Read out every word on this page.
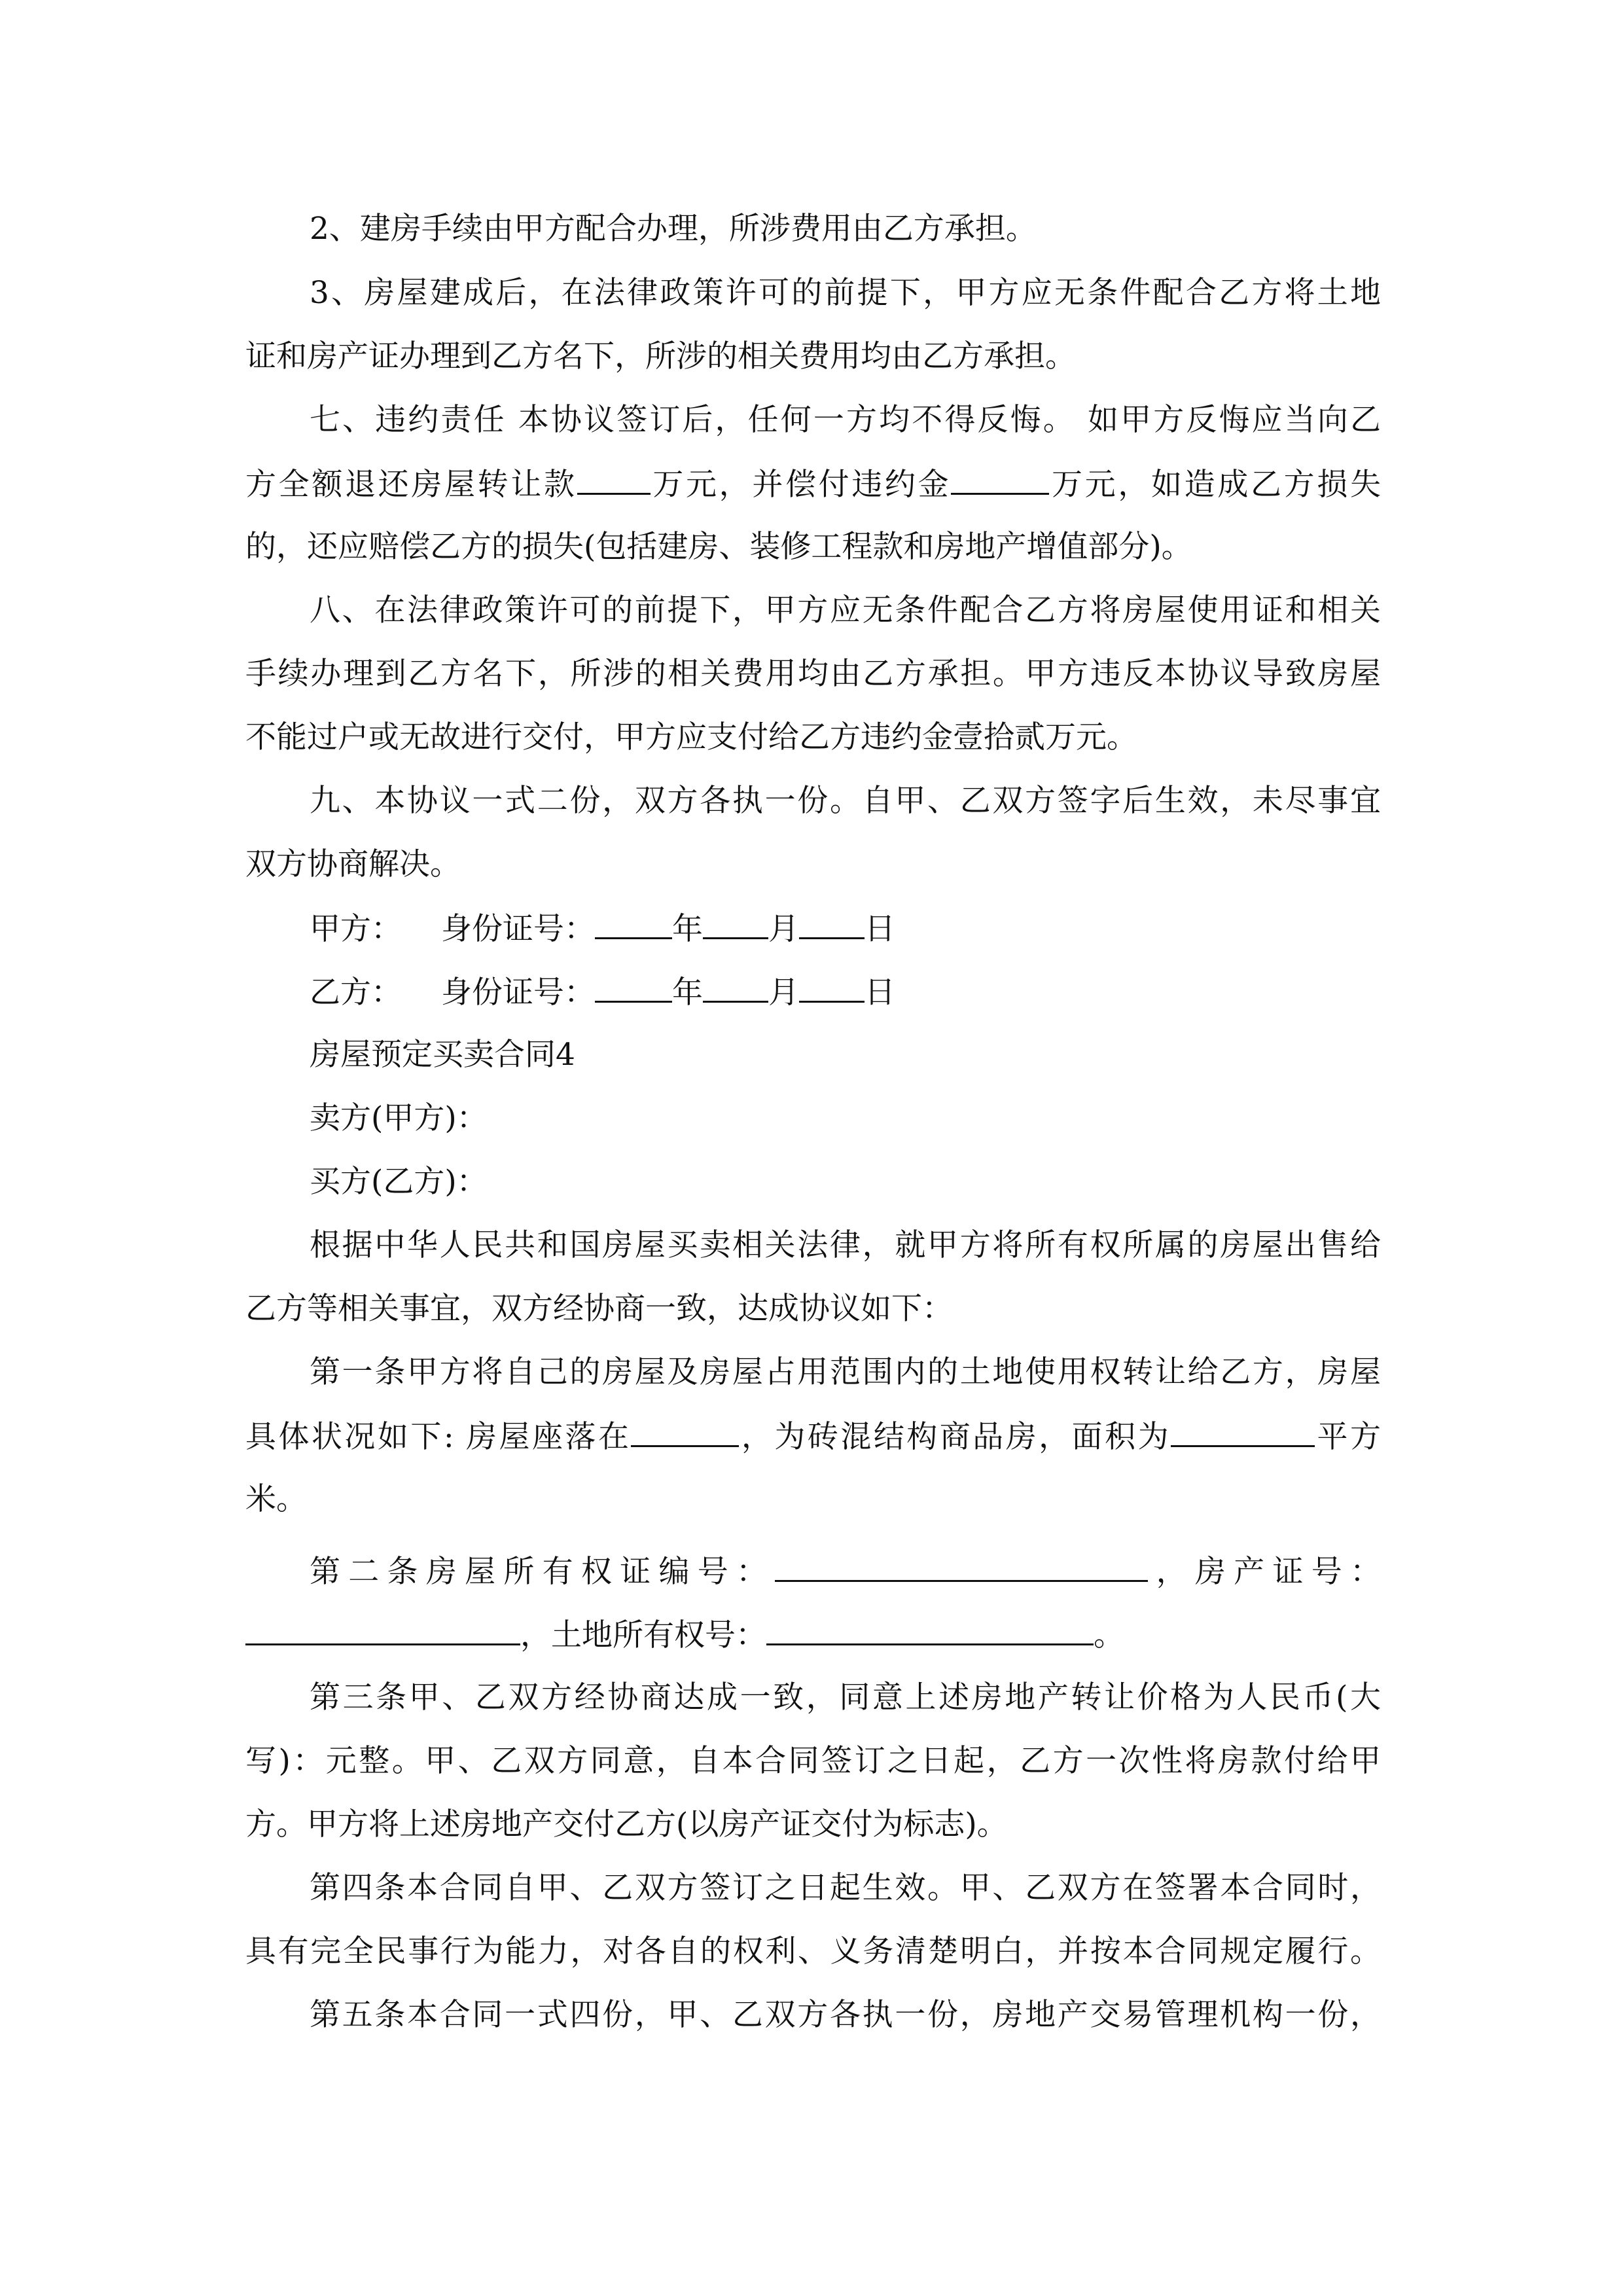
2、建房手续由甲方配合办理，所涉费用由乙方承担。
3、房屋建成后，在法律政策许可的前提下，甲方应无条件配合乙方将土地
证和房产证办理到乙方名下，所涉的相关费用均由乙方承担。
七、违约责任 本协议签订后，任何一方均不得反悔。 如甲方反悔应当向乙
方全额退还房屋转让款 万元，并偿付违约金	万元，如造成乙方损失
的，还应赔偿乙方的损失(包括建房、装修工程款和房地产增值部分)。
八、在法律政策许可的前提下，甲方应无条件配合乙方将房屋使用证和相关
手续办理到乙方名下，所涉的相关费用均由乙方承担。甲方违反本协议导致房屋
不能过户或无故进行交付，甲方应支付给乙方违约金壹拾贰万元。
九、本协议一式二份，双方各执一份。自甲、乙双方签字后生效，未尽事宜
双方协商解决。
甲方： 身份证号：	年 月 日
乙方： 身份证号：	年 月 日
房屋预定买卖合同4
卖方(甲方)：
买方(乙方)：
根据中华人民共和国房屋买卖相关法律，就甲方将所有权所属的房屋出售给
乙方等相关事宜，双方经协商一致，达成协议如下：
第一条甲方将自己的房屋及房屋占用范围内的土地使用权转让给乙方，房屋
具体状况如下: 房屋座落在	，为砖混结构商品房，面积为	平方
米。
第二条房屋所有权证编号：	，房产证号：
，土地所有权号：	。
第三条甲、乙双方经协商达成一致，同意上述房地产转让价格为人民币(大
写)：元整。甲、乙双方同意，自本合同签订之日起，乙方一次性将房款付给甲
方。甲方将上述房地产交付乙方(以房产证交付为标志)。
第四条本合同自甲、乙双方签订之日起生效。甲、乙双方在签署本合同时，
具有完全民事行为能力，对各自的权利、义务清楚明白，并按本合同规定履行。
第五条本合同一式四份，甲、乙双方各执一份，房地产交易管理机构一份，
